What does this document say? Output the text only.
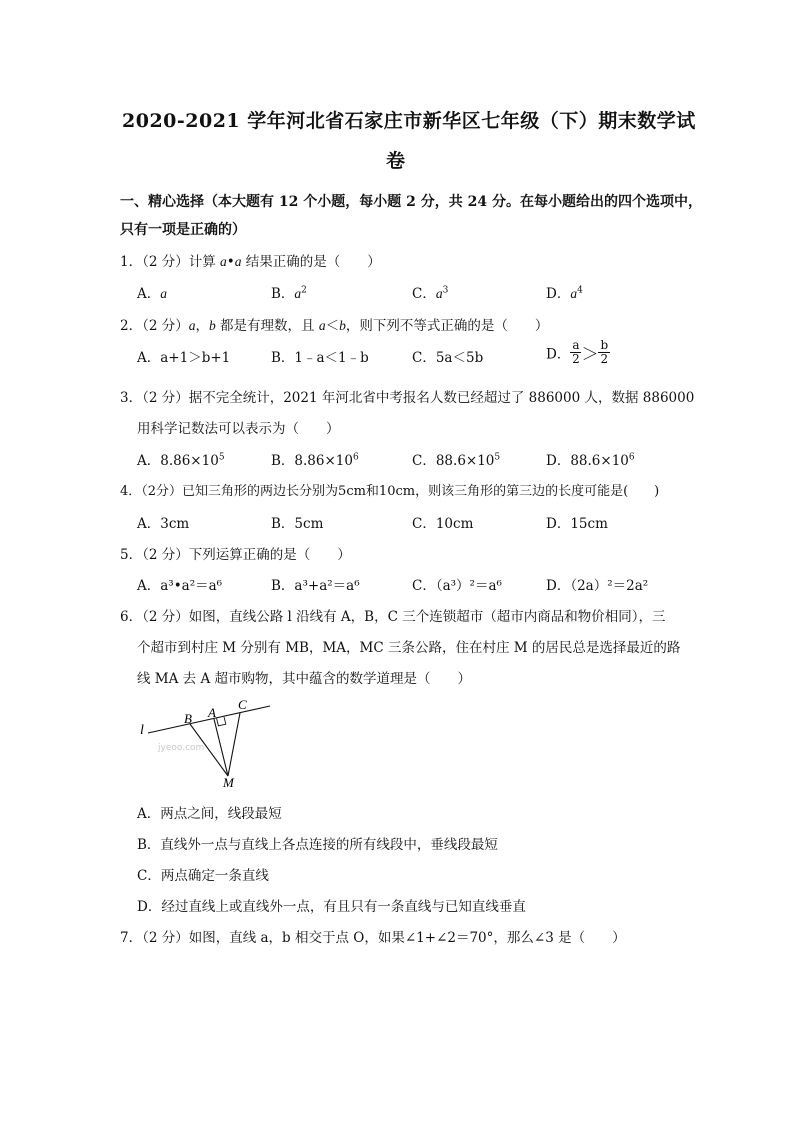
2020-2021 学年河北省石家庄市新华区七年级（下）期末数学试
卷
一、精心选择（本大题有 12 个小题，每小题 2 分，共 24 分。在每小题给出的四个选项中，
只有一项是正确的）
1．（2 分）计算 a•a 结果正确的是（　　）
A．a	B．$a^2$	C．$a^3$	D．$a^4$
2．（2 分）a，b 都是有理数，且 a＜b，则下列不等式正确的是（　　）
A．a+1＞b+1	B．1﹣a＜1﹣b	C．5a＜5b	D． $\frac{a}{2} > \frac{b}{2}$
3．（2 分）据不完全统计，2021 年河北省中考报名人数已经超过了 886000 人，数据 886000
用科学记数法可以表示为（　　）
A．$8.86\times 10^5$	B．$8.86\times 10^6$	C．$88.6\times 10^5$	D．$88.6\times 10^6$
4．（2分）已知三角形的两边长分别为5cm和10cm，则该三角形的第三边的长度可能是(　　)
A．3cm	B．5cm	C．10cm	D．15cm
5．（2 分）下列运算正确的是（　　）
A．a³•a²＝a⁶	B．a³+a²＝a⁶	C．（a³）²＝a⁶	D．（2a）²＝2a²
6．（2 分）如图，直线公路 l 沿线有 A，B，C 三个连锁超市（超市内商品和物价相同），三
个超市到村庄 M 分别有 MB，MA，MC 三条公路，住在村庄 M 的居民总是选择最近的路
线 MA 去 A 超市购物，其中蕴含的数学道理是（　　）
jyeoo.com
l
B A
C
M
A．两点之间，线段最短
B．直线外一点与直线上各点连接的所有线段中，垂线段最短
C．两点确定一条直线
D．经过直线上或直线外一点，有且只有一条直线与已知直线垂直
7．（2 分）如图，直线 a，b 相交于点 O，如果∠1+∠2＝70°，那么∠3 是（　　）
